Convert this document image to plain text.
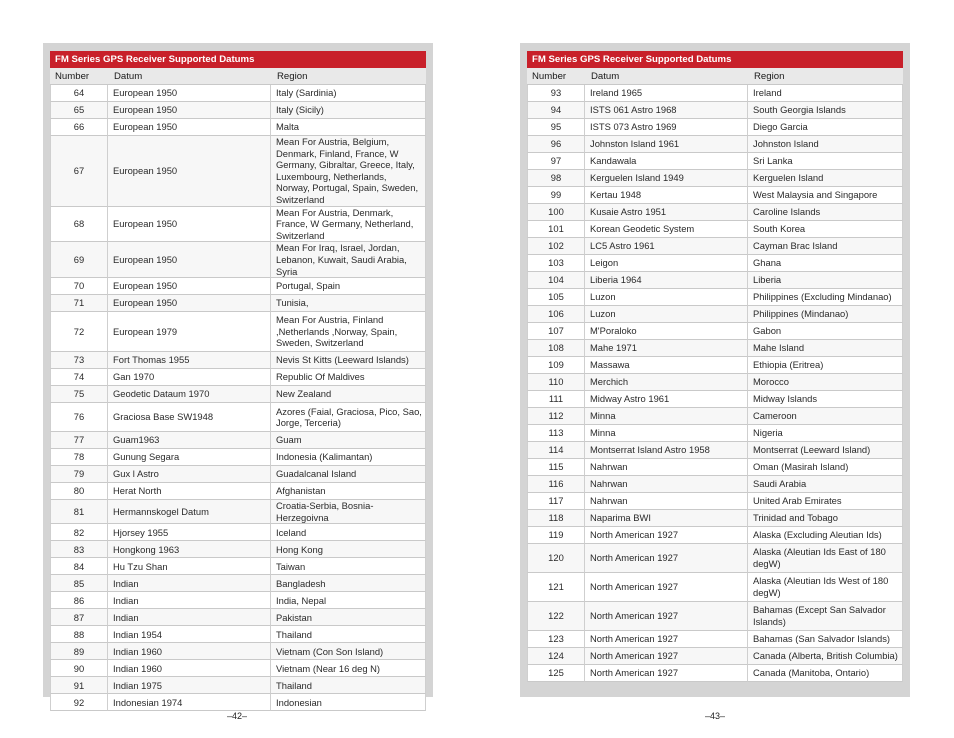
FM Series GPS Receiver Supported Datums		
Number	Datum	Region
64	European 1950	Italy (Sardinia)
65	European 1950	Italy (Sicily)
66	European 1950	Malta
67	European 1950	Mean For Austria, Belgium, Denmark, Finland, France, W Germany, Gibraltar, Greece, Italy, Luxembourg, Netherlands, Norway, Portugal, Spain, Sweden, Switzerland
68	European 1950	Mean For Austria, Denmark, France, W Germany, Netherland, Switzerland
69	European 1950	Mean For Iraq, Israel, Jordan, Lebanon, Kuwait, Saudi Arabia, Syria
70	European 1950	Portugal, Spain
71	European 1950	Tunisia,
72	European 1979	Mean For Austria, Finland ,Netherlands ,Norway, Spain, Sweden, Switzerland
73	Fort Thomas 1955	Nevis St Kitts (Leeward Islands)
74	Gan 1970	Republic Of Maldives
75	Geodetic Dataum 1970	New Zealand
76	Graciosa Base SW1948	Azores (Faial, Graciosa, Pico, Sao, Jorge, Terceria)
77	Guam1963	Guam
78	Gunung Segara	Indonesia (Kalimantan)
79	Gux l Astro	Guadalcanal Island
80	Herat North	Afghanistan
81	Hermannskogel Datum	Croatia-Serbia, Bosnia-Herzegoivna
82	Hjorsey 1955	Iceland
83	Hongkong 1963	Hong Kong
84	Hu Tzu Shan	Taiwan
85	Indian	Bangladesh
86	Indian	India, Nepal
87	Indian	Pakistan
88	Indian 1954	Thailand
89	Indian 1960	Vietnam (Con Son Island)
90	Indian 1960	Vietnam (Near 16 deg N)
91	Indian 1975	Thailand
92	Indonesian 1974	Indonesian
FM Series GPS Receiver Supported Datums		
Number	Datum	Region
93	Ireland 1965	Ireland
94	ISTS 061 Astro 1968	South Georgia Islands
95	ISTS 073 Astro 1969	Diego Garcia
96	Johnston Island 1961	Johnston Island
97	Kandawala	Sri Lanka
98	Kerguelen Island 1949	Kerguelen Island
99	Kertau 1948	West Malaysia and Singapore
100	Kusaie Astro 1951	Caroline Islands
101	Korean Geodetic System	South Korea
102	LC5 Astro 1961	Cayman Brac Island
103	Leigon	Ghana
104	Liberia 1964	Liberia
105	Luzon	Philippines (Excluding Mindanao)
106	Luzon	Philippines (Mindanao)
107	M'Poraloko	Gabon
108	Mahe 1971	Mahe Island
109	Massawa	Ethiopia (Eritrea)
110	Merchich	Morocco
111	Midway Astro 1961	Midway Islands
112	Minna	Cameroon
113	Minna	Nigeria
114	Montserrat Island Astro 1958	Montserrat (Leeward Island)
115	Nahrwan	Oman (Masirah Island)
116	Nahrwan	Saudi Arabia
117	Nahrwan	United Arab Emirates
118	Naparima BWI	Trinidad and Tobago
119	North American 1927	Alaska (Excluding Aleutian Ids)
120	North American 1927	Alaska (Aleutian Ids East of 180 degW)
121	North American 1927	Alaska (Aleutian Ids West of 180 degW)
122	North American 1927	Bahamas (Except San Salvador Islands)
123	North American 1927	Bahamas (San Salvador Islands)
124	North American 1927	Canada (Alberta, British Columbia)
125	North American 1927	Canada (Manitoba, Ontario)
–42–	–43–
